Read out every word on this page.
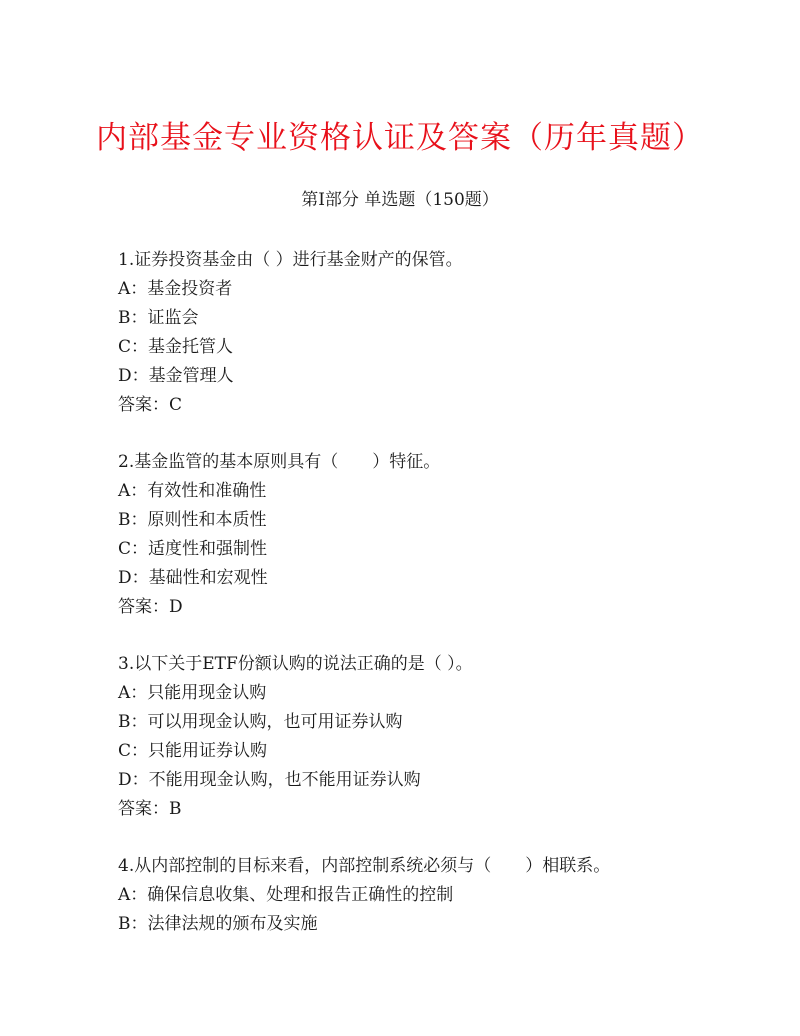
内部基金专业资格认证及答案（历年真题）
第Ⅰ部分 单选题（150题）
1.证券投资基金由（ ）进行基金财产的保管。
A：基金投资者
B：证监会
C：基金托管人
D：基金管理人
答案：C
2.基金监管的基本原则具有（　　）特征。
A：有效性和准确性
B：原则性和本质性
C：适度性和强制性
D：基础性和宏观性
答案：D
3.以下关于ETF份额认购的说法正确的是（ ）。
A：只能用现金认购
B：可以用现金认购，也可用证券认购
C：只能用证券认购
D：不能用现金认购，也不能用证券认购
答案：B
4.从内部控制的目标来看，内部控制系统必须与（　　）相联系。
A：确保信息收集、处理和报告正确性的控制
B：法律法规的颁布及实施
